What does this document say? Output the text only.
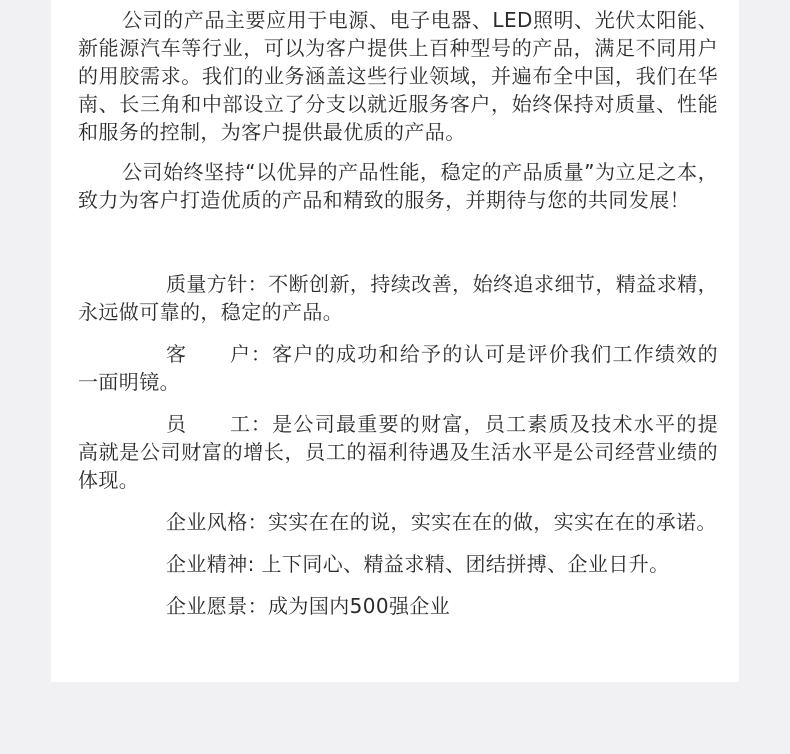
公司的产品主要应用于电源、电子电器、LED照明、光伏太阳能、新能源汽车等行业，可以为客户提供上百种型号的产品，满足不同用户的用胶需求。我们的业务涵盖这些行业领域，并遍布全中国，我们在华南、长三角和中部设立了分支以就近服务客户，始终保持对质量、性能和服务的控制，为客户提供最优质的产品。

公司始终坚持“以优异的产品性能，稳定的产品质量”为立足之本，致力为客户打造优质的产品和精致的服务，并期待与您的共同发展！

质量方针：不断创新，持续改善，始终追求细节，精益求精，永远做可靠的，稳定的产品。

客 户：客户的成功和给予的认可是评价我们工作绩效的一面明镜。

员 工：是公司最重要的财富，员工素质及技术水平的提高就是公司财富的增长，员工的福利待遇及生活水平是公司经营业绩的体现。

企业风格：实实在在的说，实实在在的做，实实在在的承诺。

企业精神: 上下同心、精益求精、团结拼搏、企业日升。

企业愿景：成为国内500强企业
